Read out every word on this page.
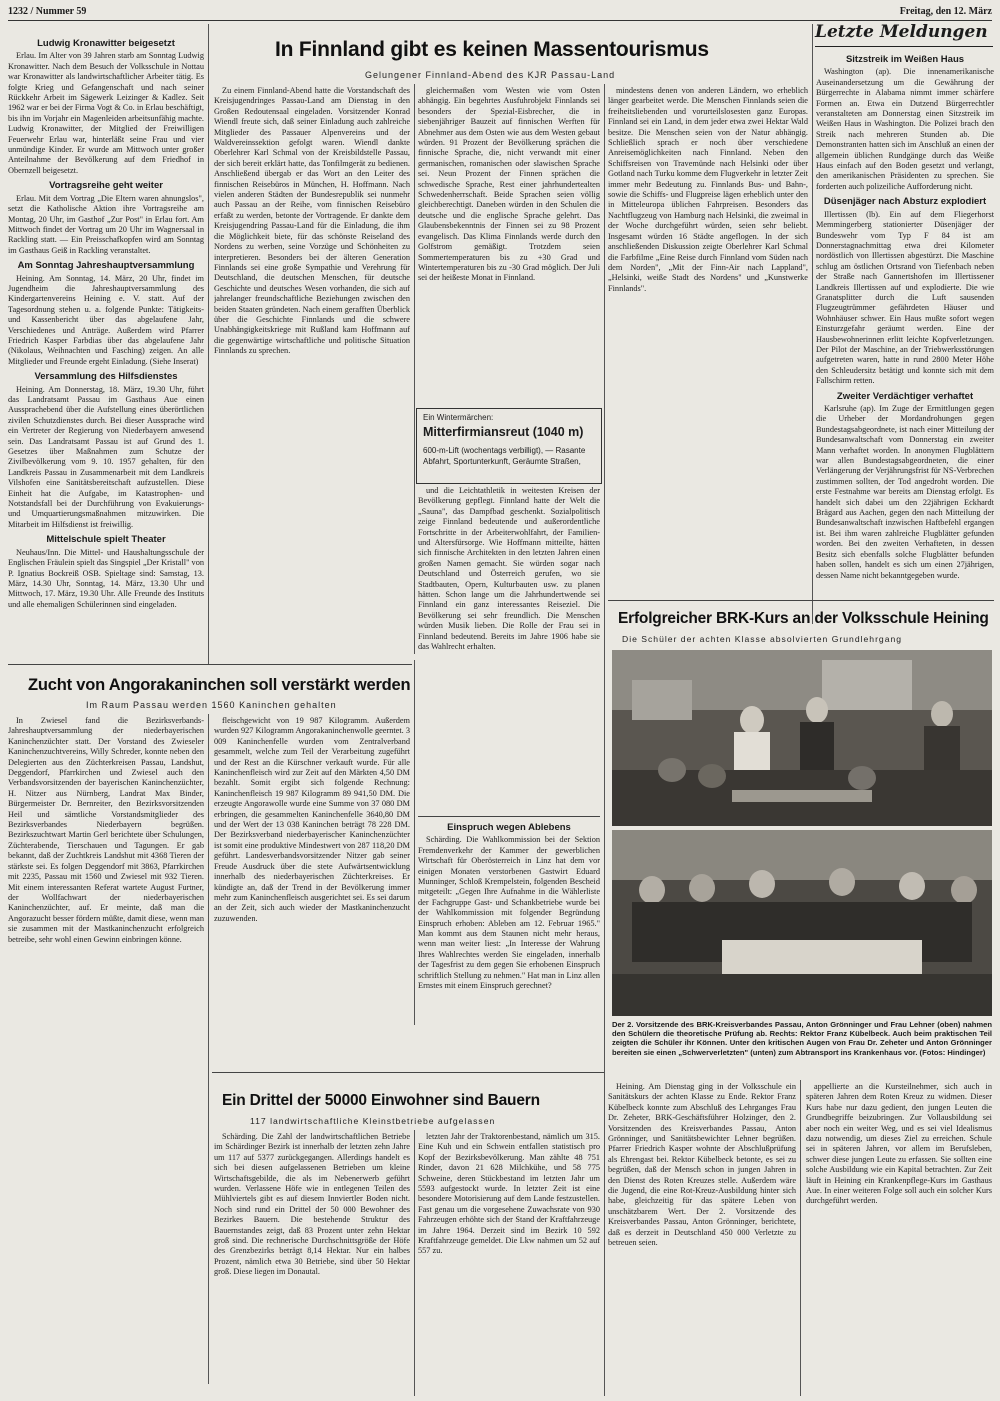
1232 / Nummer 59	Freitag, den 12. März
Ludwig Kronawitter beigesetzt

Erlau. Im Alter von 39 Jahren starb am Sonntag Ludwig Kronawitter. Nach dem Besuch der Volksschule in Nottau war Kronawitter als landwirtschaftlicher Arbeiter tätig. Es folgte Krieg und Gefangenschaft und nach seiner Rückkehr Arbeit im Sägewerk Leizinger & Kadlez. Seit 1962 war er bei der Firma Vogt & Co. in Erlau beschäftigt, bis ihn im Vorjahr ein Magenleiden arbeitsunfähig machte. Ludwig Kronawitter, der Mitglied der Freiwilligen Feuerwehr Erlau war, hinterläßt seine Frau und vier unmündige Kinder. Er wurde am Mittwoch unter großer Anteilnahme der Bevölkerung auf dem Friedhof in Obernzell beigesetzt.

Vortragsreihe geht weiter

Erlau. Mit dem Vortrag „Die Eltern waren ahnungslos", setzt die Katholische Aktion ihre Vortragsreihe am Montag, 20 Uhr, im Gasthof „Zur Post" in Erlau fort. Am Mittwoch findet der Vortrag um 20 Uhr im Wagnersaal in Rackling statt. — Ein Preisschafkopfen wird am Sonntag im Gasthaus Geiß in Rackling veranstaltet.

Am Sonntag Jahreshauptversammlung

Heining. Am Sonntag, 14. März, 20 Uhr, findet im Jugendheim die Jahreshauptversammlung des Kindergartenvereins Heining e. V. statt. Auf der Tagesordnung stehen u. a. folgende Punkte: Tätigkeits- und Kassenbericht über das abgelaufene Jahr, Verschiedenes und Anträge. Außerdem wird Pfarrer Friedrich Kasper Farbdias über das abgelaufene Jahr (Nikolaus, Weihnachten und Fasching) zeigen. An alle Mitglieder und Freunde ergeht Einladung. (Siehe Inserat)

Versammlung des Hilfsdienstes

Heining. Am Donnerstag, 18. März, 19.30 Uhr, führt das Landratsamt Passau im Gasthaus Aue einen Aussprachebend über die Aufstellung eines überörtlichen zivilen Schutzdienstes durch. Bei dieser Aussprache wird ein Vertreter der Regierung von Niederbayern anwesend sein. Das Landratsamt Passau ist auf Grund des 1. Gesetzes über Maßnahmen zum Schutze der Zivilbevölkerung vom 9. 10. 1957 gehalten, für den Landkreis Passau in Zusammenarbeit mit dem Landkreis Vilshofen eine Sanitätsbereitschaft aufzustellen. Diese Einheit hat die Aufgabe, im Katastrophen- und Notstandsfall bei der Durchführung von Evakuierungs- und Umquartierungsmaßnahmen mitzuwirken. Die Mitarbeit im Hilfsdienst ist freiwillig.

Mittelschule spielt Theater

Neuhaus/Inn. Die Mittel- und Haushaltungsschule der Englischen Fräulein spielt das Singspiel „Der Kristall" von P. Ignatius Bockreiß OSB. Spieltage sind: Samstag, 13. März, 14.30 Uhr, Sonntag, 14. März, 13.30 Uhr und Mittwoch, 17. März, 19.30 Uhr. Alle Freunde des Instituts und alle ehemaligen Schülerinnen sind eingeladen.

In Finnland gibt es keinen Massentourismus
Gelungener Finnland-Abend des KJR Passau-Land

Zu einem Finnland-Abend hatte die Vorstandschaft des Kreisjugendringes Passau-Land am Dienstag in den Großen Redoutensaal eingeladen. Vorsitzender Konrad Wiendl freute sich, daß seiner Einladung auch zahlreiche Mitglieder des Passauer Alpenvereins und der Waldvereinssektion gefolgt waren. Wiendl dankte Oberlehrer Karl Schmal von der Kreisbildstelle Passau, der sich bereit erklärt hatte, das Tonfilmgerät zu bedienen. Anschließend übergab er das Wort an den Leiter des finnischen Reisebüros in München, H. Hoffmann. Nach vielen anderen Städten der Bundesrepublik sei nunmehr auch Passau an der Reihe, vom finnischen Reisebüro erfaßt zu werden, betonte der Vortragende. Er dankte dem Kreisjugendring Passau-Land für die Einladung, die ihm die Möglichkeit biete, für das schönste Reiseland des Nordens zu werben, seine Vorzüge und Schönheiten zu interpretieren. Besonders bei der älteren Generation Finnlands sei eine große Sympathie und Verehrung für Deutschland, die deutschen Menschen, für deutsche Geschichte und deutsches Wesen vorhanden, die sich auf jahrelanger freundschaftliche Beziehungen zwischen den beiden Staaten gründeten. Nach einem gerafften Überblick über die Geschichte Finnlands und die schwere Unabhängigkeitskriege mit Rußland kam Hoffmann auf die gegenwärtige wirtschaftliche und politische Situation Finnlands zu sprechen.

gleichermaßen vom Westen wie vom Osten abhängig. Ein begehrtes Ausfuhrobjekt Finnlands sei besonders der Spezial-Eisbrecher, die in siebenjähriger Bauzeit auf finnischen Werften für Abnehmer aus dem Osten wie aus dem Westen gebaut würden. 91 Prozent der Bevölkerung sprächen die finnische Sprache, die, nicht verwandt mit einer germanischen, romanischen oder slawischen Sprache sei. Neun Prozent der Finnen sprächen die schwedische Sprache, Rest einer jahrhundertealten Schwedenherrschaft. Beide Sprachen seien völlig gleichberechtigt. Daneben würden in den Schulen die deutsche und die englische Sprache gelehrt. Das Glaubensbekenntnis der Finnen sei zu 98 Prozent evangelisch. Das Klima Finnlands werde durch den Golfstrom gemäßigt. Trotzdem seien Sommertemperaturen bis zu +30 Grad und Wintertemperaturen bis zu -30 Grad möglich. Der Juli sei der heißeste Monat in Finnland.

Ein Wintermärchen:
Mitterfirmiansreut (1040 m)
600-m-Lift (wochentags verbilligt), — Rasante Abfahrt, Sportunterkunft, Geräumte Straßen,

und die Leichtathletik in weitesten Kreisen der Bevölkerung gepflegt. Finnland hatte der Welt die „Sauna", das Dampfbad geschenkt. Sozialpolitisch zeige Finnland bedeutende und außerordentliche Fortschritte in der Arbeiterwohlfahrt, der Familien- und Altersfürsorge. Wie Hoffmann mitteilte, hätten sich finnische Architekten in den letzten Jahren einen großen Namen gemacht. Sie würden sogar nach Deutschland und Österreich gerufen, wo sie Stadtbauten, Opern, Kulturbauten usw. zu planen hätten. Schon lange um die Jahrhundertwende sei Finnland ein ganz interessantes Reiseziel. Die Bevölkerung sei sehr freundlich. Die Menschen würden Musik lieben. Die Rolle der Frau sei in Finnland bedeutend. Bereits im Jahre 1906 habe sie das Wahlrecht erhalten.

Einspruch wegen Ablebens

Schärding. Die Wahlkommission bei der Sektion Fremdenverkehr der Kammer der gewerblichen Wirtschaft für Oberösterreich in Linz hat dem vor einigen Monaten verstorbenen Gastwirt Eduard Munninger, Schloß Krempelstein, folgenden Bescheid mitgeteilt: „Gegen Ihre Aufnahme in die Wählerliste der Fachgruppe Gast- und Schankbetriebe wurde bei der Wahlkommission mit folgender Begründung Einspruch erhoben: Ableben am 12. Februar 1965." Man kommt aus dem Staunen nicht mehr heraus, wenn man weiter liest: „In Interesse der Wahrung Ihres Wahlrechtes werden Sie eingeladen, innerhalb der Tagesfrist zu dem gegen Sie erhobenen Einspruch schriftlich Stellung zu nehmen." Hat man in Linz allen Ernstes mit einem Einspruch gerechnet?

mindestens denen von anderen Ländern, wo erheblich länger gearbeitet werde. Die Menschen Finnlands seien die freiheitsliebenden und vorurteilslosesten ganz Europas. Finnland sei ein Land, in dem jeder etwa zwei Hektar Wald besitze. Die Menschen seien von der Natur abhängig. Schließlich sprach er noch über verschiedene Anreisemöglichkeiten nach Finnland. Neben den Schiffsreisen von Travemünde nach Helsinki oder über Gotland nach Turku komme dem Flugverkehr in letzter Zeit immer mehr Bedeutung zu. Finnlands Bus- und Bahn-, sowie die Schiffs- und Flugpreise lägen erheblich unter den in Mitteleuropa üblichen Fahrpreisen. Besonders das Nachtflugzeug von Hamburg nach Helsinki, die zweimal in der Woche durchgeführt würden, seien sehr beliebt. Insgesamt würden 16 Städte angeflogen. In der sich anschließenden Diskussion zeigte Oberlehrer Karl Schmal die Farbfilme „Eine Reise durch Finnland vom Süden nach dem Norden", „Mit der Finn-Air nach Lappland", „Helsinki, weiße Stadt des Nordens" und „Kunstwerke Finnlands".

Letzte Meldungen
Sitzstreik im Weißen Haus

Washington (ap). Die innenamerikanische Auseinandersetzung um die Gewährung der Bürgerrechte in Alabama nimmt immer schärfere Formen an. Etwa ein Dutzend Bürgerrechtler veranstalteten am Donnerstag einen Sitzstreik im Weißen Haus in Washington. Die Polizei brach den Streik nach mehreren Stunden ab. Die Demonstranten hatten sich im Anschluß an einen der allgemein üblichen Rundgänge durch das Weiße Haus einfach auf den Boden gesetzt und verlangt, den amerikanischen Präsidenten zu sprechen. Sie forderten auch polizeiliche Aufforderung nicht.

Düsenjäger nach Absturz explodiert

Illertissen (lb). Ein auf dem Fliegerhorst Memmingerberg stationierter Düsenjäger der Bundeswehr vom Typ F 84 ist am Donnerstagnachmittag etwa drei Kilometer nordöstlich von Illertissen abgestürzt. Die Maschine schlug am östlichen Ortsrand von Tiefenbach neben der Straße nach Gannertshofen im Illertissener Landkreis Illertissen auf und explodierte. Die wie Granatsplitter durch die Luft sausenden Flugzeugtrümmer gefährdeten Häuser und Wohnhäuser schwer. Ein Haus mußte sofort wegen Einsturzgefahr geräumt werden. Eine der Hausbewohnerinnen erlitt leichte Kopfverletzungen. Der Pilot der Maschine, an der Triebwerksstörungen aufgetreten waren, hatte in rund 2800 Meter Höhe den Schleudersitz betätigt und konnte sich mit dem Fallschirm retten.

Zweiter Verdächtiger verhaftet

Karlsruhe (ap). Im Zuge der Ermittlungen gegen die Urheber der Mordandrohungen gegen Bundestagsabgeordnete, ist nach einer Mitteilung der Bundesanwaltschaft vom Donnerstag ein zweiter Mann verhaftet worden. In anonymen Flugblättern war allen Bundestagsabgeordneten, die einer Verlängerung der Verjährungsfrist für NS-Verbrechen zustimmen sollten, der Tod angedroht worden. Die erste Festnahme war bereits am Dienstag erfolgt. Es handelt sich dabei um den 22jährigen Eckhardt Brägard aus Aachen, gegen den nach Mitteilung der Bundesanwaltschaft inzwischen Haftbefehl ergangen ist. Bei ihm waren zahlreiche Flugblätter gefunden worden. Bei den zweiten Verhafteten, in dessen Besitz sich ebenfalls solche Flugblätter befunden haben sollen, handelt es sich um einen 27jährigen, dessen Name nicht bekanntgegeben wurde.

Zucht von Angorakaninchen soll verstärkt werden
Im Raum Passau werden 1560 Kaninchen gehalten

In Zwiesel fand die Bezirksverbands-Jahreshauptversammlung der niederbayerischen Kaninchenzüchter statt. Der Vorstand des Zwieseler Kaninchenzuchtvereins, Willy Schreder, konnte neben den Delegierten aus den Züchterkreisen Passau, Landshut, Deggendorf, Pfarrkirchen und Zwiesel auch den Verbandsvorsitzenden der bayerischen Kaninchenzüchter, H. Nitzer aus Nürnberg, Landrat Max Binder, Bürgermeister Dr. Bernreiter, den Bezirksvorsitzenden Heil und sämtliche Vorstandsmitglieder des Bezirksverbandes Niederbayern begrüßen. Bezirkszuchtwart Martin Gerl berichtete über Schulungen, Züchterabende, Tierschauen und Tagungen. Er gab bekannt, daß der Zuchtkreis Landshut mit 4368 Tieren der stärkste sei. Es folgen Deggendorf mit 3863, Pfarrkirchen mit 2235, Passau mit 1560 und Zwiesel mit 932 Tieren. Mit einem interessanten Referat wartete August Furtner, der Wollfachwart der niederbayerischen Kaninchenzüchter, auf. Er meinte, daß man die Angorazucht besser fördern müßte, damit diese, wenn man sie zusammen mit der Mastkaninchenzucht erfolgreich betreibe, sehr wohl einen Gewinn einbringen könne.

fleischgewicht von 19 987 Kilogramm. Außerdem wurden 927 Kilogramm Angorakaninchenwolle geerntet. 3 009 Kaninchenfelle wurden vom Zentralverband gesammelt, welche zum Teil der Verarbeitung zugeführt und der Rest an die Kürschner verkauft wurde. Für alle Kaninchenfleisch wird zur Zeit auf den Märkten 4,50 DM bezahlt. Somit ergibt sich folgende Rechnung: Kaninchenfleisch 19 987 Kilogramm 89 941,50 DM. Die erzeugte Angorawolle wurde eine Summe von 37 080 DM erbringen, die gesammelten Kaninchenfelle 3640,80 DM und der Wert der 13 038 Kaninchen beträgt 78 228 DM. Der Bezirksverband niederbayerischer Kaninchenzüchter ist somit eine produktive Mindestwert von 287 118,20 DM geführt. Landesverbandsvorsitzender Nitzer gab seiner Freude Ausdruck über die stete Aufwärtsentwicklung innerhalb des niederbayerischen Züchterkreises. Er kündigte an, daß der Trend in der Bevölkerung immer mehr zum Kaninchenfleisch ausgerichtet sei. Es sei darum an der Zeit, sich auch wieder der Mastkaninchenzucht zuzuwenden.

Ein Drittel der 50000 Einwohner sind Bauern
117 landwirtschaftliche Kleinstbetriebe aufgelassen

Schärding. Die Zahl der landwirtschaftlichen Betriebe im Schärdinger Bezirk ist innerhalb der letzten zehn Jahre um 117 auf 5377 zurückgegangen. Allerdings handelt es sich bei diesen aufgelassenen Betrieben um kleine Wirtschaftsgebilde, die als im Nebenerwerb geführt wurden. Verlassene Höfe wie in entlegenen Teilen des Mühlviertels gibt es auf diesem Innviertler Boden nicht. Noch sind rund ein Drittel der 50 000 Bewohner des Bezirkes Bauern. Die bestehende Struktur des Bauernstandes zeigt, daß 83 Prozent unter zehn Hektar groß sind. Die rechnerische Durchschnittsgröße der Höfe des Grenzbezirks beträgt 8,14 Hektar. Nur ein halbes Prozent, nämlich etwa 30 Betriebe, sind über 50 Hektar groß. Diese liegen im Donautal.

letzten Jahr der Traktorenbestand, nämlich um 315. Eine Kuh und ein Schwein entfallen statistisch pro Kopf der Bezirksbevölkerung. Man zählte 48 751 Rinder, davon 21 628 Milchkühe, und 58 775 Schweine, deren Stückbestand im letzten Jahr um 5593 aufgestockt wurde. In letzter Zeit ist eine besondere Motorisierung auf dem Lande festzustellen. Fast genau um die vorgesehene Zuwachsrate von 930 Fahrzeugen erhöhte sich der Stand der Kraftfahrzeuge im Jahre 1964. Derzeit sind im Bezirk 10 592 Kraftfahrzeuge gemeldet. Die Lkw nahmen um 52 auf 557 zu.

Erfolgreicher BRK-Kurs an der Volksschule Heining
Die Schüler der achten Klasse absolvierten Grundlehrgang
Der 2. Vorsitzende des BRK-Kreisverbandes Passau, Anton Grönninger und Frau Lehner (oben) nahmen den Schülern die theoretische Prüfung ab. Rechts: Rektor Franz Kübelbeck. Auch beim praktischen Teil zeigten die Schüler ihr Können. Unter den kritischen Augen von Frau Dr. Zeheter und Anton Grönninger bereiten sie einen „Schwerverletzten" (unten) zum Abtransport ins Krankenhaus vor. (Fotos: Hindinger)

Heining. Am Dienstag ging in der Volksschule ein Sanitätskurs der achten Klasse zu Ende. Rektor Franz Kübelbeck konnte zum Abschluß des Lehrganges Frau Dr. Zeheter, BRK-Geschäftsführer Holzinger, den 2. Vorsitzenden des Kreisverbandes Passau, Anton Grönninger, und Sanitätsbewichter Lehner begrüßen. Pfarrer Friedrich Kasper wohnte der Abschlußprüfung als Ehrengast bei. Rektor Kübelbeck betonte, es sei zu begrüßen, daß der Mensch schon in jungen Jahren in den Dienst des Roten Kreuzes stelle. Außerdem wäre die Jugend, die eine Rot-Kreuz-Ausbildung hinter sich habe, gleichzeitig für das spätere Leben von unschätzbarem Wert. Der 2. Vorsitzende des Kreisverbandes Passau, Anton Grönninger, berichtete, daß es derzeit in Deutschland 450 000 Verletzte zu betreuen seien.

appellierte an die Kursteilnehmer, sich auch in späteren Jahren dem Roten Kreuz zu widmen. Dieser Kurs habe nur dazu gedient, den jungen Leuten die Grundbegriffe beizubringen. Zur Vollausbildung sei aber noch ein weiter Weg, und es sei viel Idealismus dazu notwendig, um dieses Ziel zu erreichen. Schule sei in späteren Jahren, vor allem im Berufsleben, schwer diese jungen Leute zu erfassen. Sie sollten eine solche Ausbildung wie ein Kapital betrachten. Zur Zeit läuft in Heining ein Krankenpflege-Kurs im Gasthaus Aue. In einer weiteren Folge soll auch ein solcher Kurs durchgeführt werden.
